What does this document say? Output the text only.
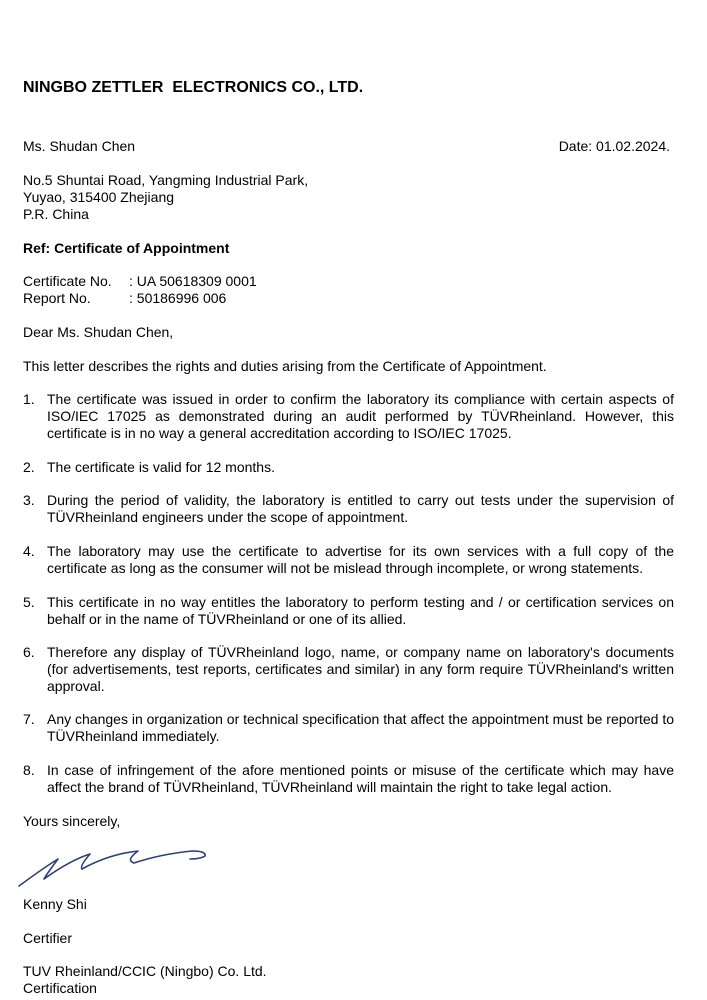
NINGBO ZETTLER  ELECTRONICS CO., LTD.
Ms. Shudan Chen	Date: 01.02.2024.
No.5 Shuntai Road, Yangming Industrial Park,
Yuyao, 315400 Zhejiang
P.R. China
Ref: Certificate of Appointment
Certificate No. : UA 50618309 0001
Report No.	: 50186996 006
Dear Ms. Shudan Chen,
This letter describes the rights and duties arising from the Certificate of Appointment.
1. The certificate was issued in order to confirm the laboratory its compliance with certain aspects of ISO/IEC 17025 as demonstrated during an audit performed by TÜVRheinland. However, this certificate is in no way a general accreditation according to ISO/IEC 17025.
2. The certificate is valid for 12 months.
3. During the period of validity, the laboratory is entitled to carry out tests under the supervision of TÜVRheinland engineers under the scope of appointment.
4. The laboratory may use the certificate to advertise for its own services with a full copy of the certificate as long as the consumer will not be mislead through incomplete, or wrong statements.
5. This certificate in no way entitles the laboratory to perform testing and / or certification services on behalf or in the name of TÜVRheinland or one of its allied.
6. Therefore any display of TÜVRheinland logo, name, or company name on laboratory's documents (for advertisements, test reports, certificates and similar) in any form require TÜVRheinland's written approval.
7. Any changes in organization or technical specification that affect the appointment must be reported to TÜVRheinland immediately.
8. In case of infringement of the afore mentioned points or misuse of the certificate which may have affect the brand of TÜVRheinland, TÜVRheinland will maintain the right to take legal action.
Yours sincerely,
Kenny Shi
Certifier
TUV Rheinland/CCIC (Ningbo) Co. Ltd.
Certification
